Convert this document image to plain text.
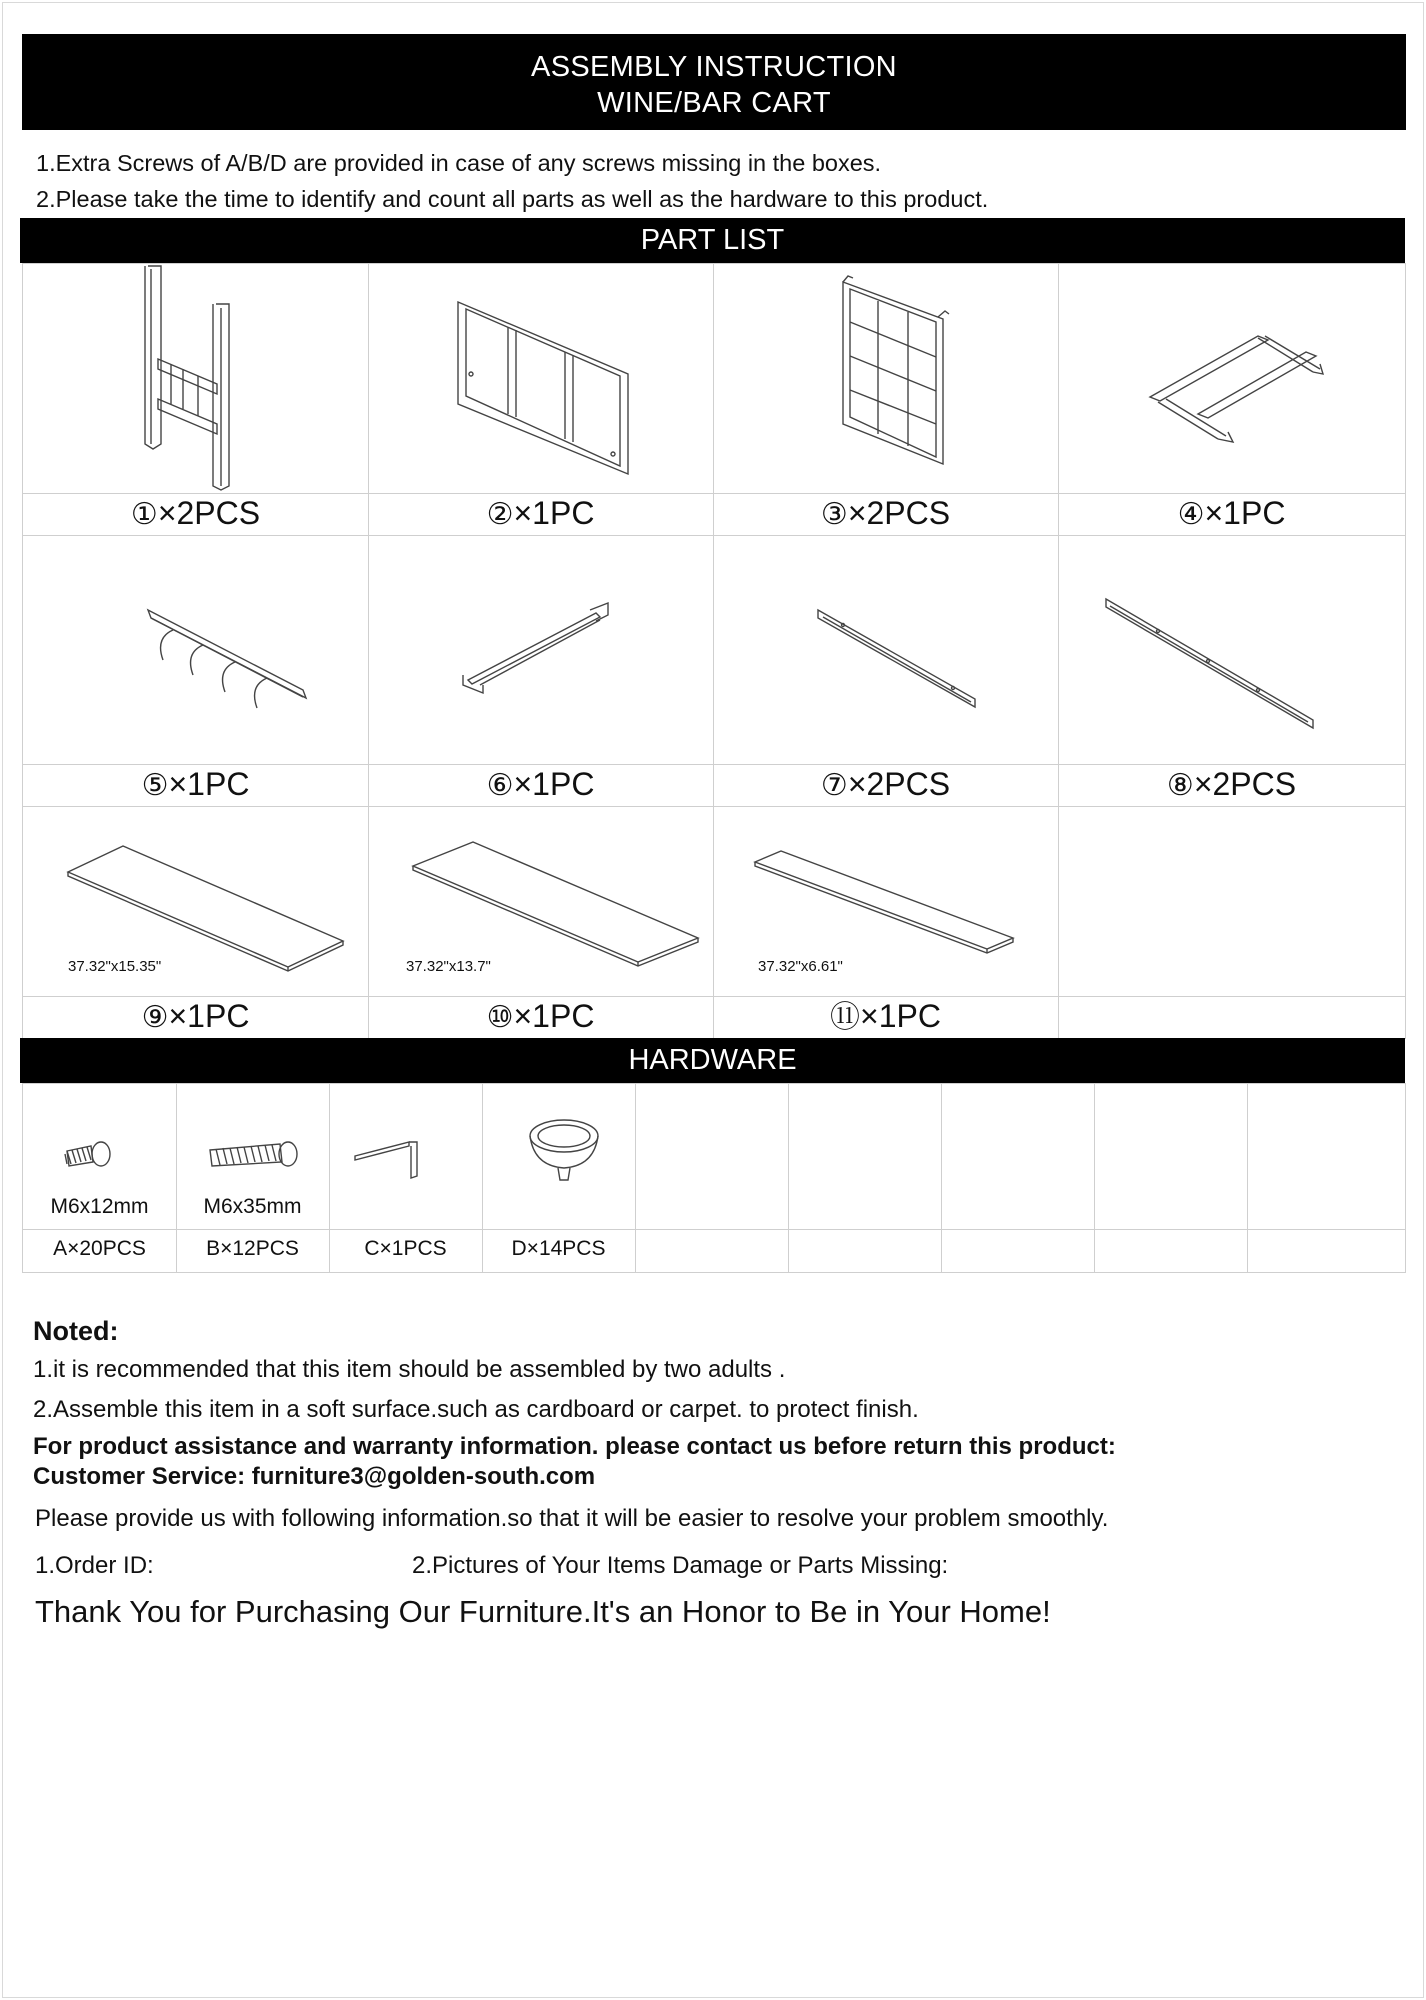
ASSEMBLY INSTRUCTION
WINE/BAR CART
1.Extra Screws of A/B/D are provided in case of any screws missing in the boxes.
2.Please take the time to identify and count all parts as well as the hardware to this product.
PART LIST
①×2PCS	②×1PC	③×2PCS	④×1PC
⑤×1PC	⑥×1PC	⑦×2PCS	⑧×2PCS
37.32"x15.35"	37.32"x13.7"	37.32"x6.61"
⑨×1PC	⑩×1PC	⑪×1PC
HARDWARE
M6x12mm	M6x35mm
A×20PCS	B×12PCS	C×1PCS	D×14PCS
Noted:
1.it is recommended that this item should be assembled by two adults .
2.Assemble this item in a soft surface.such as cardboard or carpet. to protect finish.
For product assistance and warranty information. please contact us before return this product:
Customer Service: furniture3@golden-south.com
Please provide us with following information.so that it will be easier to resolve your problem smoothly.
1.Order ID:	2.Pictures of Your Items Damage or Parts Missing:
Thank You for Purchasing Our Furniture.It's an Honor to Be in Your Home!
